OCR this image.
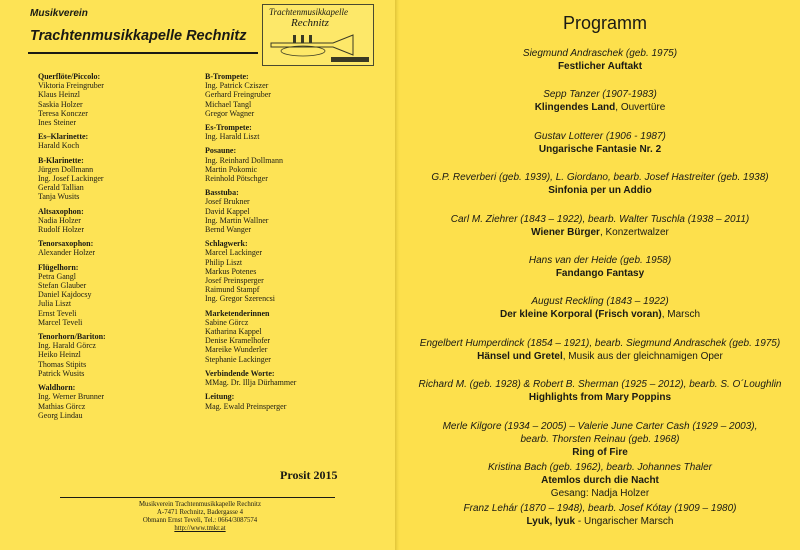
Musikverein
Trachtenmusikkapelle Rechnitz
Trachtenmusikkapelle
Rechnitz
Querflöte/Piccolo:
Viktoria Freingruber
Klaus Heinzl
Saskia Holzer
Teresa Konczer
Ines Steiner
Es–Klarinette:
Harald Koch
B-Klarinette:
Jürgen Dollmann
Ing. Josef Lackinger
Gerald Tallian
Tanja Wusits
Altsaxophon:
Nadia Holzer
Rudolf Holzer
Tenorsaxophon:
Alexander Holzer
Flügelhorn:
Petra Gangl
Stefan Glauber
Daniel Kajdocsy
Julia Liszt
Ernst Teveli
Marcel Teveli
Tenorhorn/Bariton:
Ing. Harald Görcz
Heiko Heinzl
Thomas Stipits
Patrick Wusits
Waldhorn:
Ing. Werner Brunner
Mathias Görcz
Georg Lindau
B-Trompete:
Ing. Patrick Cziszer
Gerhard Freingruber
Michael Tangl
Gregor Wagner
Es-Trompete:
Ing. Harald Liszt
Posaune:
Ing. Reinhard Dollmann
Martin Pokomic
Reinhold Pötschger
Basstuba:
Josef Brukner
David Kappel
Ing. Martin Wallner
Bernd Wanger
Schlagwerk:
Marcel Lackinger
Philip Liszt
Markus Potenes
Josef Preinsperger
Raimund Stampf
Ing. Gregor Szerencsi
Marketenderinnen
Sabine Görcz
Katharina Kappel
Denise Kramelhofer
Mareike Wunderler
Stephanie Lackinger
Verbindende Worte:
MMag. Dr. Illja Dürhammer
Leitung:
Mag. Ewald Preinsperger
Prosit 2015
Musikverein Trachtenmusikkapelle Rechnitz
A-7471 Rechnitz, Badergasse 4
Obmann Ernst Teveli, Tel.: 0664/3087574
http://www.tmkr.at
Programm
Siegmund Andraschek (geb. 1975)
Festlicher Auftakt
Sepp Tanzer (1907-1983)
Klingendes Land, Ouvertüre
Gustav Lotterer (1906 - 1987)
Ungarische Fantasie Nr. 2
G.P. Reverberi (geb. 1939), L. Giordano, bearb. Josef Hastreiter (geb. 1938)
Sinfonia per un Addio
Carl M. Ziehrer (1843 – 1922), bearb. Walter Tuschla (1938 – 2011)
Wiener Bürger, Konzertwalzer
Hans van der Heide (geb. 1958)
Fandango Fantasy
August Reckling (1843 – 1922)
Der kleine Korporal (Frisch voran), Marsch
Engelbert Humperdinck (1854 – 1921), bearb. Siegmund Andraschek (geb. 1975)
Hänsel und Gretel, Musik aus der gleichnamigen Oper
Richard M. (geb. 1928) & Robert B. Sherman (1925 – 2012), bearb. S. O´Loughlin
Highlights from Mary Poppins
Merle Kilgore (1934 – 2005) – Valerie June Carter Cash (1929 – 2003), bearb. Thorsten Reinau (geb. 1968)
Ring of Fire
Kristina Bach (geb. 1962), bearb. Johannes Thaler
Atemlos durch die Nacht
Gesang: Nadja Holzer
Franz Lehár (1870 – 1948), bearb. Josef Kótay (1909 – 1980)
Lyuk, lyuk - Ungarischer Marsch
